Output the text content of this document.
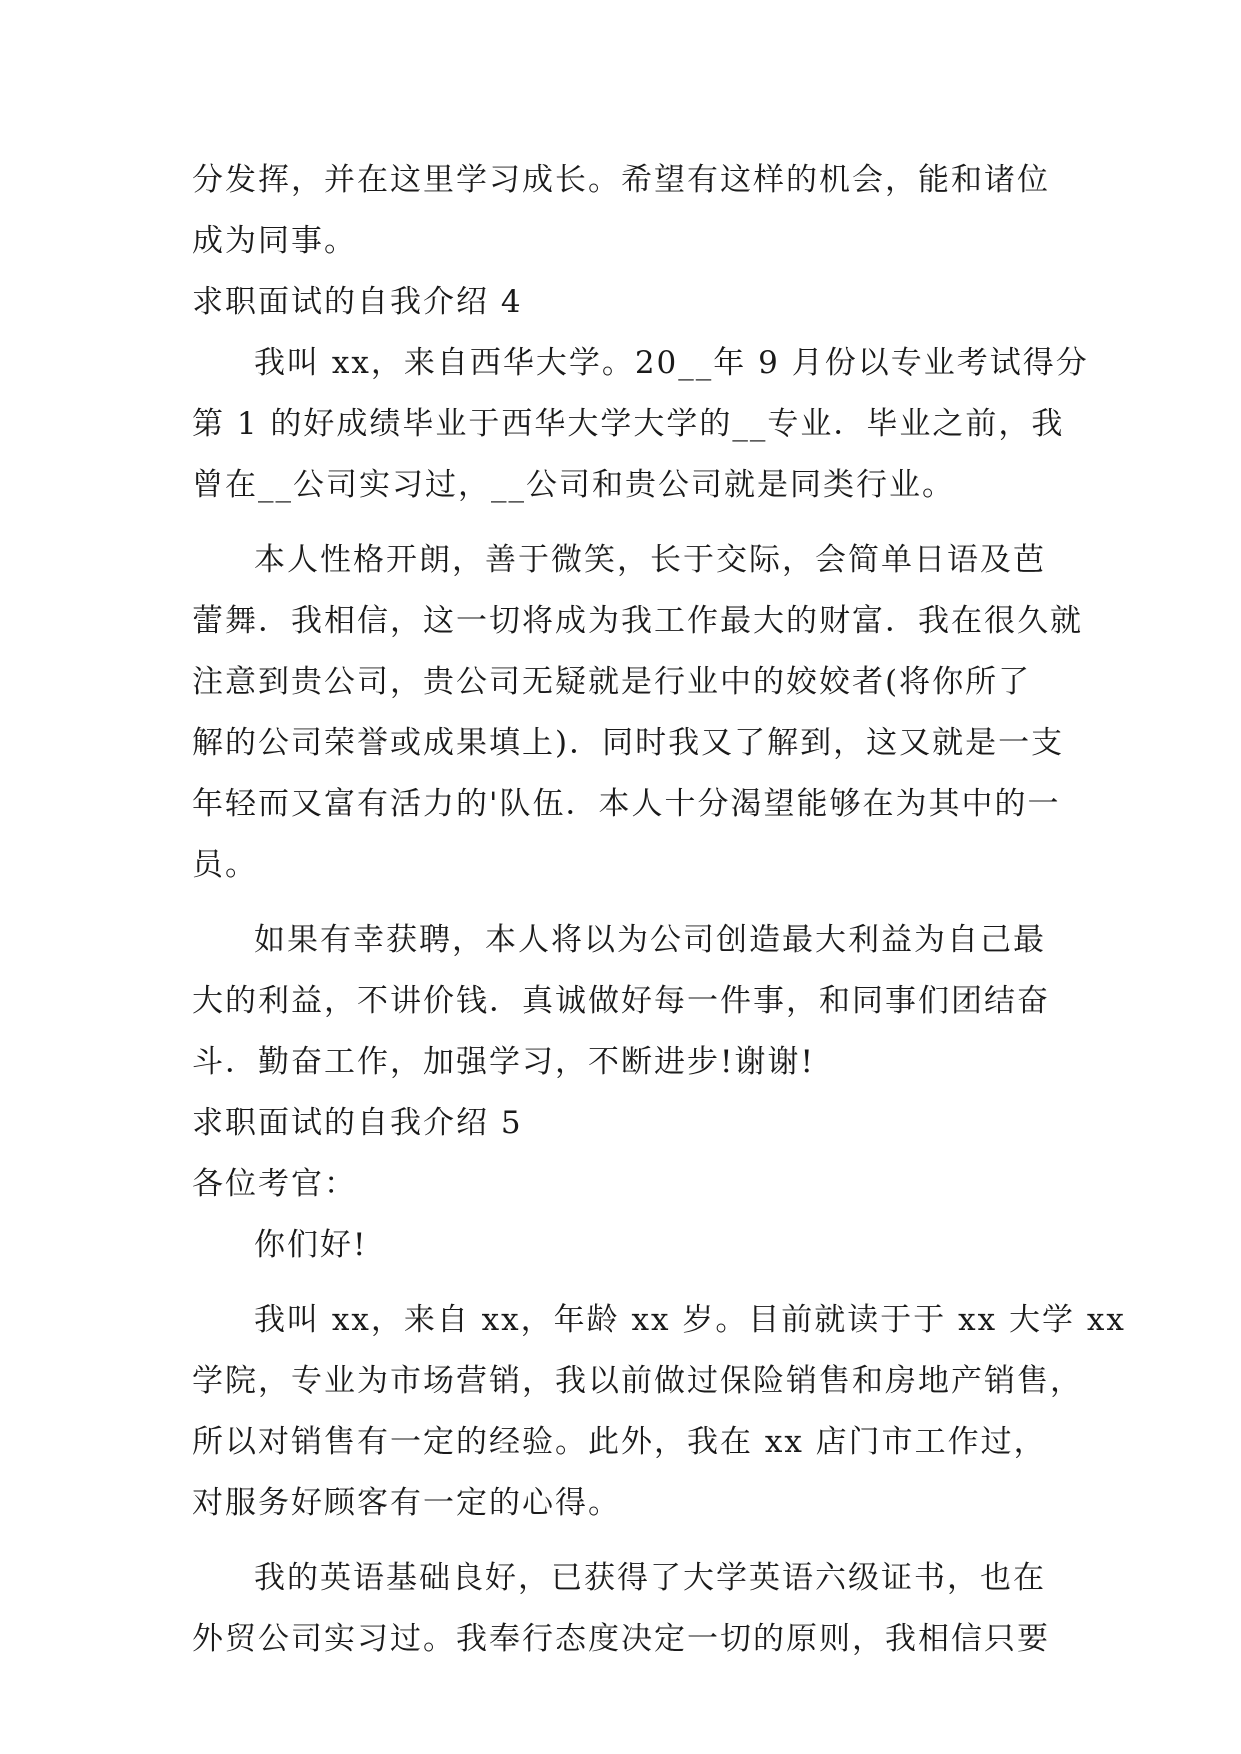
分发挥，并在这里学习成长。希望有这样的机会，能和诸位
成为同事。
求职面试的自我介绍 4
我叫 xx，来自西华大学。20__年 9 月份以专业考试得分
第 1 的好成绩毕业于西华大学大学的__专业．毕业之前，我
曾在__公司实习过，__公司和贵公司就是同类行业。
本人性格开朗，善于微笑，长于交际，会简单日语及芭
蕾舞．我相信，这一切将成为我工作最大的财富．我在很久就
注意到贵公司，贵公司无疑就是行业中的姣姣者(将你所了
解的公司荣誉或成果填上)．同时我又了解到，这又就是一支
年轻而又富有活力的'队伍．本人十分渴望能够在为其中的一
员。
如果有幸获聘，本人将以为公司创造最大利益为自己最
大的利益，不讲价钱．真诚做好每一件事，和同事们团结奋
斗．勤奋工作，加强学习，不断进步!谢谢!
求职面试的自我介绍 5
各位考官：
你们好!
我叫 xx，来自 xx，年龄 xx 岁。目前就读于于 xx 大学 xx
学院，专业为市场营销，我以前做过保险销售和房地产销售，
所以对销售有一定的经验。此外，我在 xx 店门市工作过，
对服务好顾客有一定的心得。
我的英语基础良好，已获得了大学英语六级证书，也在
外贸公司实习过。我奉行态度决定一切的原则，我相信只要
